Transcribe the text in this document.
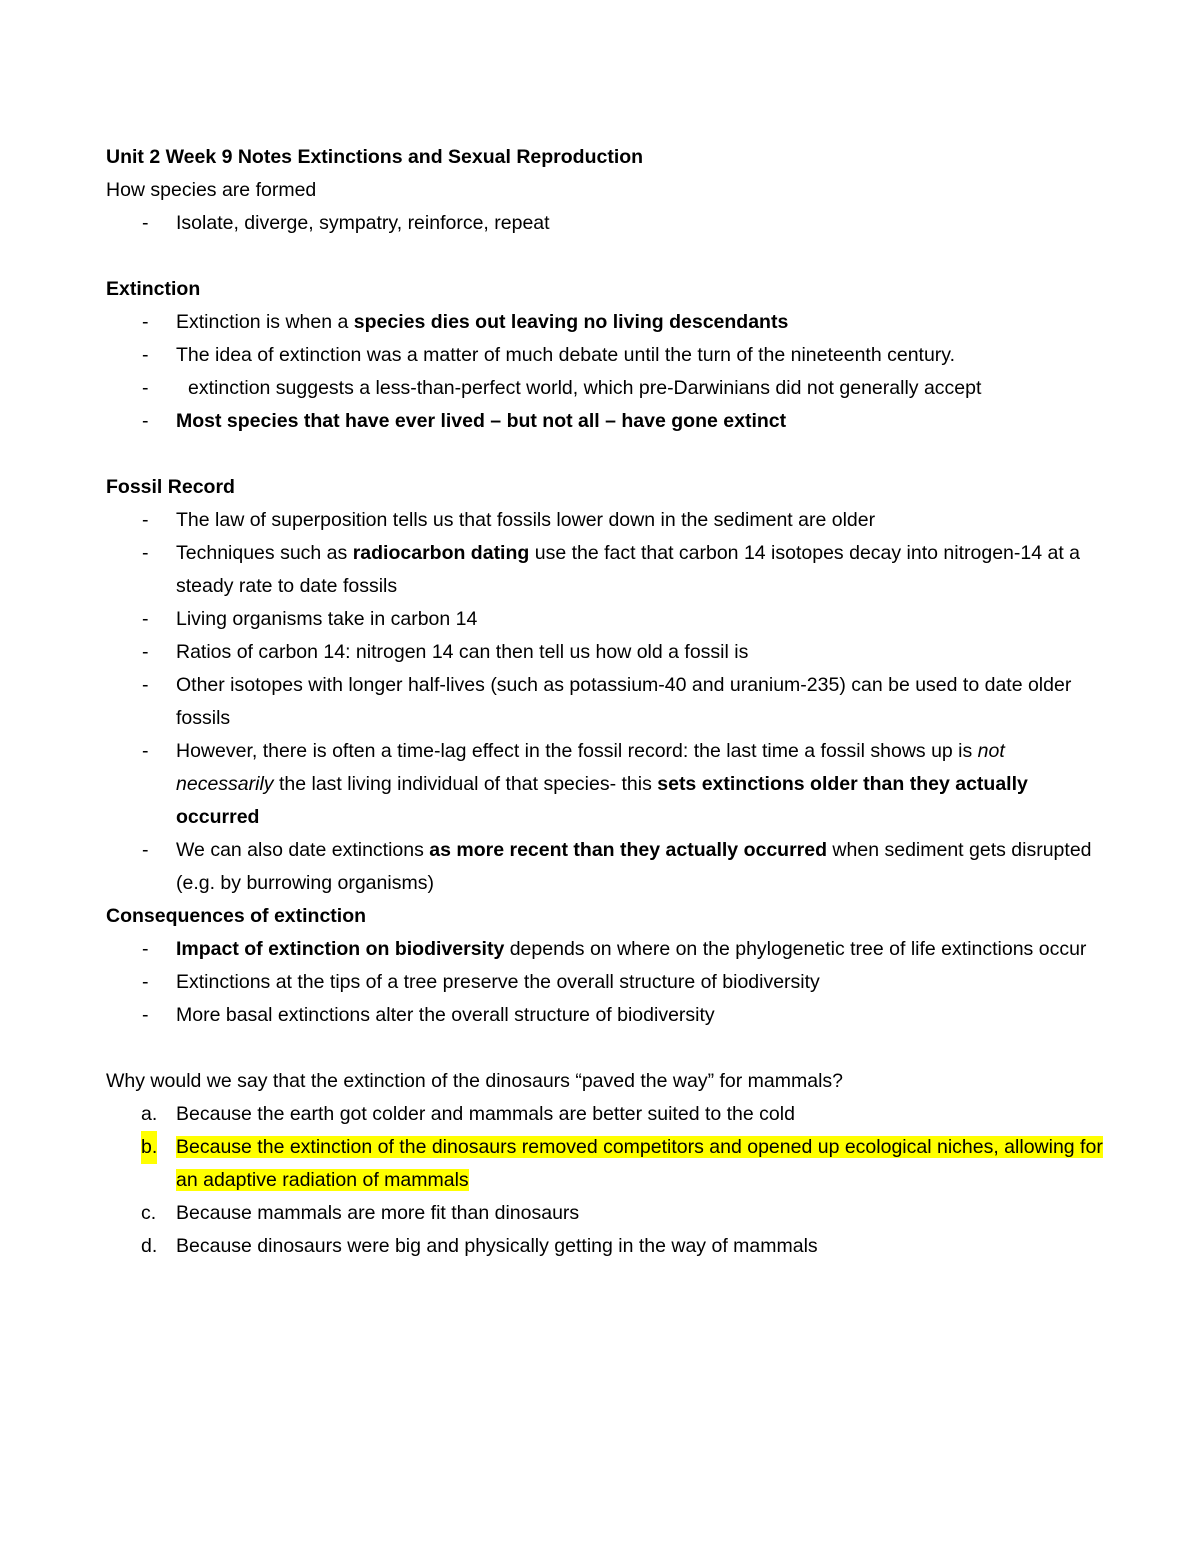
Unit 2 Week 9 Notes Extinctions and Sexual Reproduction
How species are formed
- Isolate, diverge, sympatry, reinforce, repeat
Extinction
- Extinction is when a species dies out leaving no living descendants
- The idea of extinction was a matter of much debate until the turn of the nineteenth century.
- extinction suggests a less-than-perfect world, which pre-Darwinians did not generally accept
- Most species that have ever lived – but not all – have gone extinct
Fossil Record
- The law of superposition tells us that fossils lower down in the sediment are older
- Techniques such as radiocarbon dating use the fact that carbon 14 isotopes decay into nitrogen-14 at a steady rate to date fossils
- Living organisms take in carbon 14
- Ratios of carbon 14: nitrogen 14 can then tell us how old a fossil is
- Other isotopes with longer half-lives (such as potassium-40 and uranium-235) can be used to date older fossils
- However, there is often a time-lag effect in the fossil record: the last time a fossil shows up is not necessarily the last living individual of that species- this sets extinctions older than they actually occurred
- We can also date extinctions as more recent than they actually occurred when sediment gets disrupted (e.g. by burrowing organisms)
Consequences of extinction
- Impact of extinction on biodiversity depends on where on the phylogenetic tree of life extinctions occur
- Extinctions at the tips of a tree preserve the overall structure of biodiversity
- More basal extinctions alter the overall structure of biodiversity
Why would we say that the extinction of the dinosaurs “paved the way” for mammals?
a. Because the earth got colder and mammals are better suited to the cold
b. Because the extinction of the dinosaurs removed competitors and opened up ecological niches, allowing for an adaptive radiation of mammals
c. Because mammals are more fit than dinosaurs
d. Because dinosaurs were big and physically getting in the way of mammals
